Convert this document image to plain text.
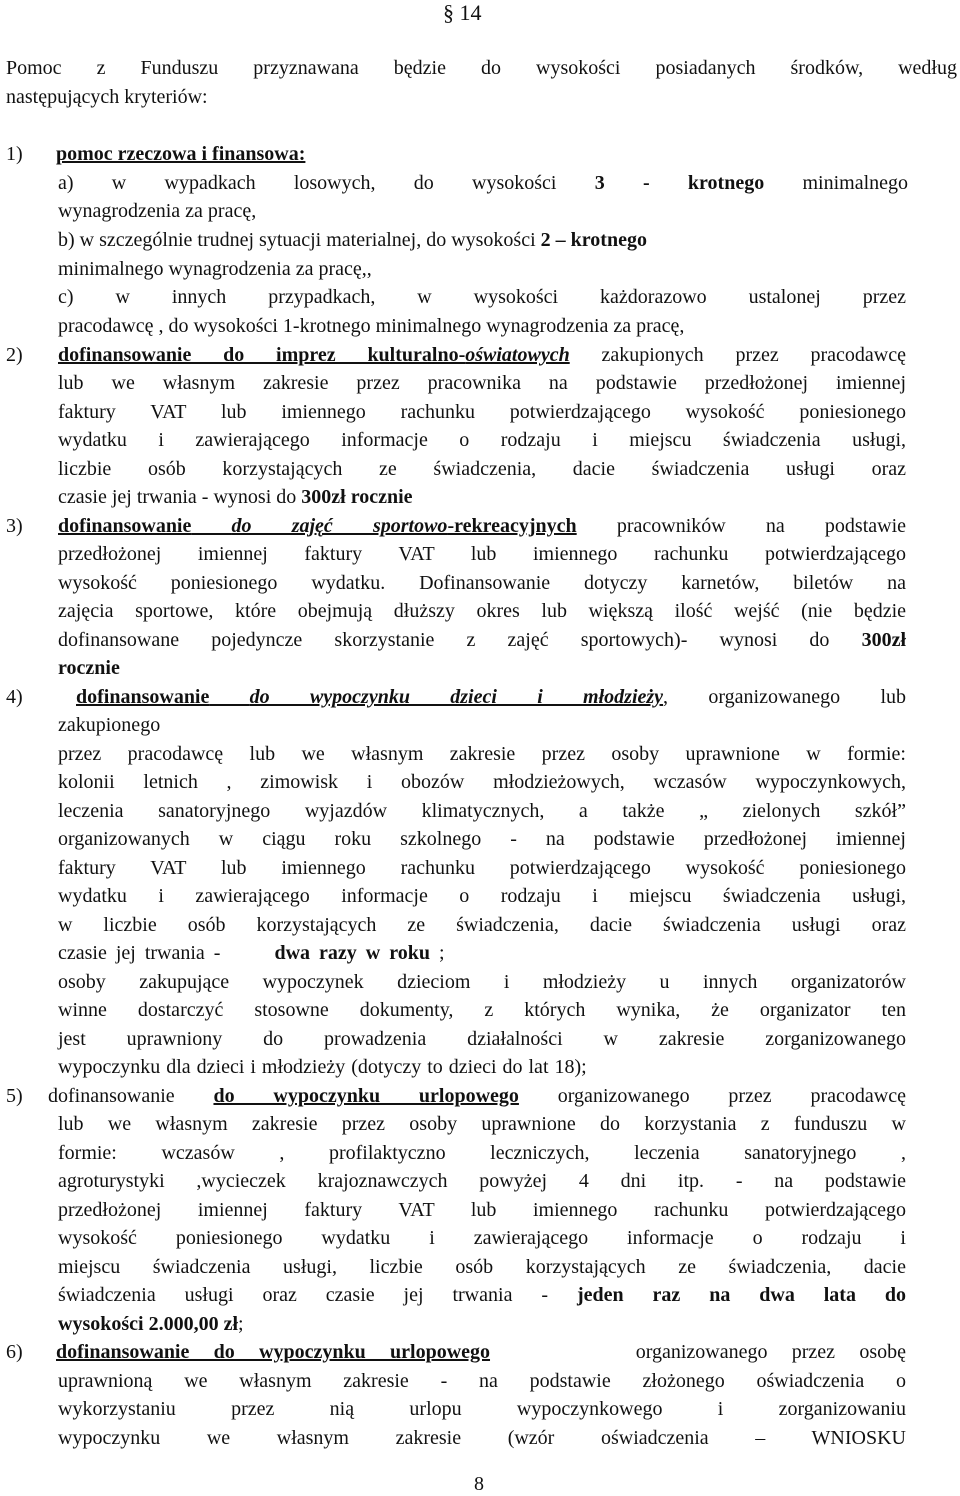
§ 14
Pomoc z Funduszu przyznawana będzie do wysokości posiadanych środków, według
następujących kryteriów:
1) pomoc rzeczowa i finansowa:
a) w wypadkach losowych, do wysokości 3 - krotnego minimalnego
wynagrodzenia za pracę,
b) w szczególnie trudnej sytuacji materialnej, do wysokości 2 – krotnego
minimalnego wynagrodzenia za pracę,,
c) w innych przypadkach, w wysokości każdorazowo ustalonej przez
pracodawcę , do wysokości 1-krotnego minimalnego wynagrodzenia za pracę,
2) dofinansowanie do imprez kulturalno-oświatowych zakupionych przez pracodawcę
lub we własnym zakresie przez pracownika na podstawie przedłożonej imiennej
faktury VAT lub imiennego rachunku potwierdzającego wysokość poniesionego
wydatku i zawierającego informacje o rodzaju i miejscu świadczenia usługi,
liczbie osób korzystających ze świadczenia, dacie świadczenia usługi oraz
czasie jej trwania - wynosi do 300zł rocznie
3) dofinansowanie do zajęć sportowo-rekreacyjnych pracowników na podstawie
przedłożonej imiennej faktury VAT lub imiennego rachunku potwierdzającego
wysokość poniesionego wydatku. Dofinansowanie dotyczy karnetów, biletów na
zajęcia sportowe, które obejmują dłuższy okres lub większą ilość wejść (nie będzie
dofinansowane pojedyncze skorzystanie z zajęć sportowych)- wynosi do 300zł
rocznie
4)	dofinansowanie do wypoczynku dzieci i młodzieży, organizowanego lub
zakupionego
przez pracodawcę lub we własnym zakresie przez osoby uprawnione w formie:
kolonii letnich , zimowisk i obozów młodzieżowych, wczasów wypoczynkowych,
leczenia sanatoryjnego wyjazdów klimatycznych, a także „ zielonych szkół”
organizowanych w ciągu roku szkolnego - na podstawie przedłożonej imiennej
faktury VAT lub imiennego rachunku potwierdzającego wysokość poniesionego
wydatku i zawierającego informacje o rodzaju i miejscu świadczenia usługi,
w liczbie osób korzystających ze świadczenia, dacie świadczenia usługi oraz
czasie jej trwania -      dwa razy w roku ;
osoby zakupujące wypoczynek dzieciom i młodzieży u innych organizatorów
winne dostarczyć stosowne dokumenty, z których wynika, że organizator ten
jest uprawniony do prowadzenia działalności w zakresie zorganizowanego
wypoczynku dla dzieci i młodzieży (dotyczy to dzieci do lat 18);
5) dofinansowanie do wypoczynku urlopowego organizowanego przez pracodawcę
lub we własnym zakresie przez osoby uprawnione do korzystania z funduszu w
formie: wczasów , profilaktyczno leczniczych, leczenia sanatoryjnego ,
agroturystyki ,wycieczek krajoznawczych powyżej 4 dni itp. - na podstawie
przedłożonej imiennej faktury VAT lub imiennego rachunku potwierdzającego
wysokość poniesionego wydatku i zawierającego informacje o rodzaju i
miejscu świadczenia usługi, liczbie osób korzystających ze świadczenia, dacie
świadczenia usługi oraz czasie jej trwania - jeden raz na dwa lata do
wysokości 2.000,00 zł;
6) dofinansowanie do wypoczynku urlopowego	organizowanego przez osobę
uprawnioną we własnym zakresie - na podstawie złożonego oświadczenia o
wykorzystaniu przez nią urlopu wypoczynkowego i zorganizowaniu
wypoczynku we własnym zakresie (wzór oświadczenia – WNIOSKU
8
